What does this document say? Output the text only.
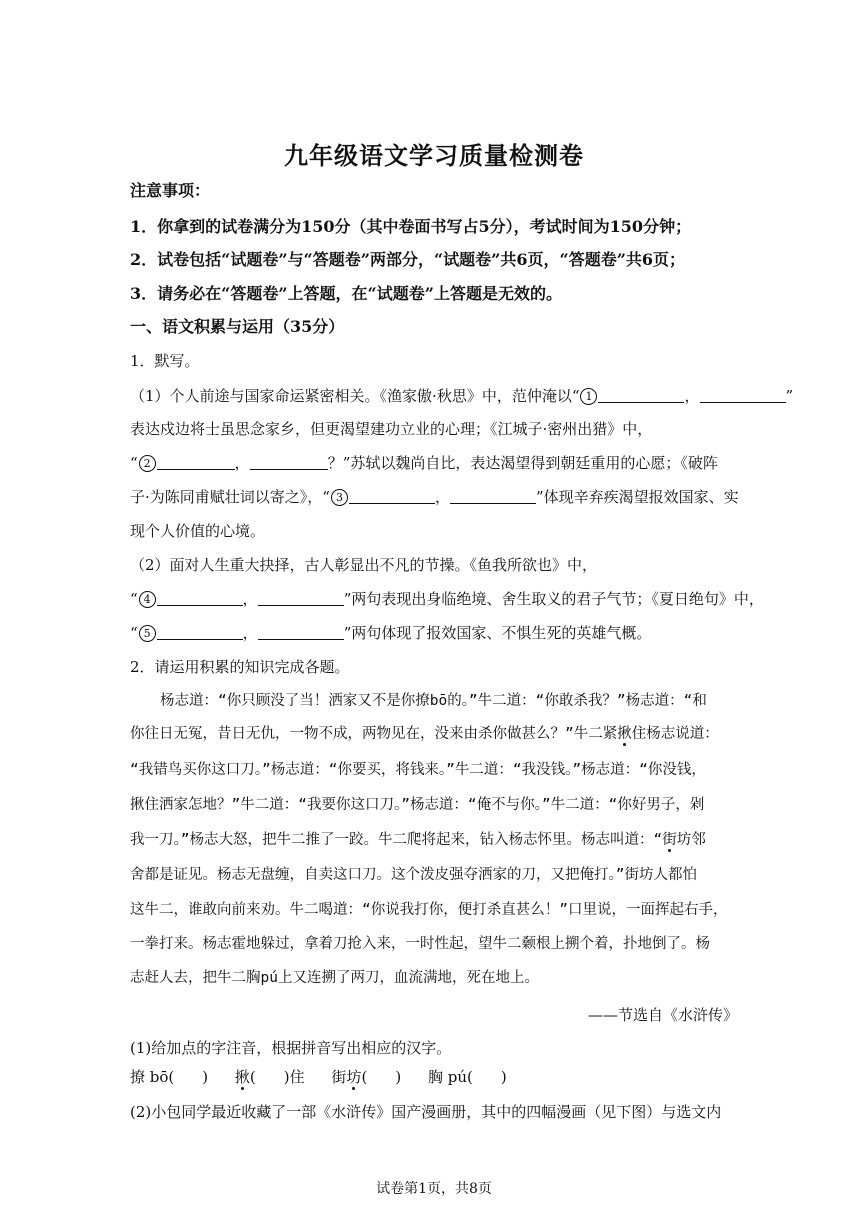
九年级语文学习质量检测卷
注意事项：
1．你拿到的试卷满分为150分（其中卷面书写占5分），考试时间为150分钟；
2．试卷包括“试题卷”与“答题卷”两部分，“试题卷”共6页，“答题卷”共6页；
3．请务必在“答题卷”上答题，在“试题卷”上答题是无效的。
一、语文积累与运用（35分）
1．默写。
（1）个人前途与国家命运紧密相关。《渔家傲·秋思》中，范仲淹以“ 1	，	”
表达戍边将士虽思念家乡，但更渴望建功立业的心理；《江城子·密州出猎》中，
“ 2	，	？”苏轼以魏尚自比，表达渴望得到朝廷重用的心愿；《破阵
子·为陈同甫赋壮词以寄之》，“ 3	，	”体现辛弃疾渴望报效国家、实
现个人价值的心境。
（2）面对人生重大抉择，古人彰显出不凡的节操。《鱼我所欲也》中，
“ 4	，	”两句表现出身临绝境、舍生取义的君子气节；《夏日绝句》中，
“ 5	，	”两句体现了报效国家、不惧生死的英雄气概。
2．请运用积累的知识完成各题。
杨志道：“你只顾没了当！洒家又不是你撩bō的。”牛二道：“你敢杀我？”杨志道：“和
你往日无冤，昔日无仇，一物不成，两物见在，没来由杀你做甚么？”牛二紧揪住杨志说道：
“我错鸟买你这口刀。”杨志道：“你要买，将钱来。”牛二道：“我没钱。”杨志道：“你没钱，
揪住洒家怎地？”牛二道：“我要你这口刀。”杨志道：“俺不与你。”牛二道：“你好男子，剁
我一刀。”杨志大怒，把牛二推了一跤。牛二爬将起来，钻入杨志怀里。杨志叫道：“街坊邻
舍都是证见。杨志无盘缠，自卖这口刀。这个泼皮强夺洒家的刀，又把俺打。”街坊人都怕
这牛二，谁敢向前来劝。牛二喝道：“你说我打你，便打杀直甚么！”口里说，一面挥起右手，
一拳打来。杨志霍地躲过，拿着刀抢入来，一时性起，望牛二颡根上搠个着，扑地倒了。杨
志赶人去，把牛二胸pú上又连搠了两刀，血流满地，死在地上。
——节选自《水浒传》
(1)给加点的字注音，根据拼音写出相应的汉字。
撩 bō( ) 揪( )住 街坊( ) 胸 pú( )
(2)小包同学最近收藏了一部《水浒传》国产漫画册，其中的四幅漫画（见下图）与选文内
试卷第1页，共8页
